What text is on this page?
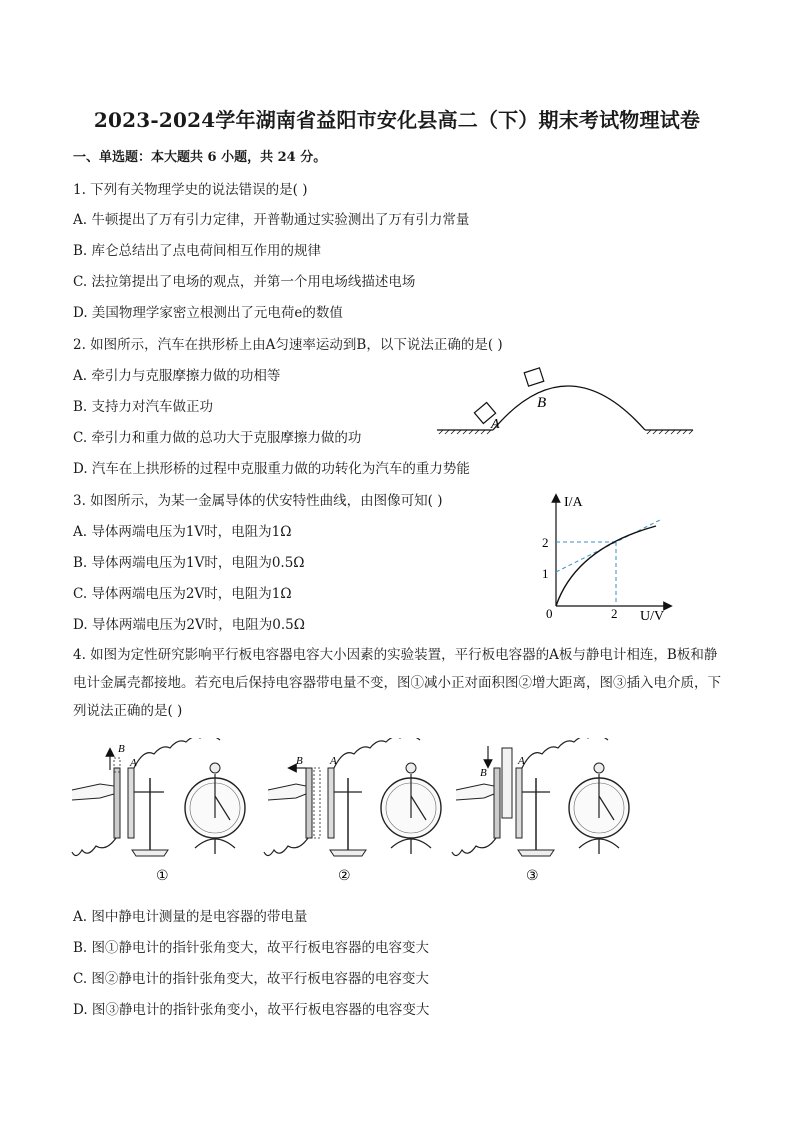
2023-2024学年湖南省益阳市安化县高二（下）期末考试物理试卷
一、单选题：本大题共 6 小题，共 24 分。
1. 下列有关物理学史的说法错误的是( )
A. 牛顿提出了万有引力定律，开普勒通过实验测出了万有引力常量
B. 库仑总结出了点电荷间相互作用的规律
C. 法拉第提出了电场的观点，并第一个用电场线描述电场
D. 美国物理学家密立根测出了元电荷e的数值
2. 如图所示，汽车在拱形桥上由A匀速率运动到B，以下说法正确的是( )
A. 牵引力与克服摩擦力做的功相等
B. 支持力对汽车做正功
C. 牵引力和重力做的总功大于克服摩擦力做的功
D. 汽车在上拱形桥的过程中克服重力做的功转化为汽车的重力势能
A
B
3. 如图所示，为某一金属导体的伏安特性曲线，由图像可知( )
A. 导体两端电压为1V时，电阻为1Ω
B. 导体两端电压为1V时，电阻为0.5Ω
C. 导体两端电压为2V时，电阻为1Ω
D. 导体两端电压为2V时，电阻为0.5Ω
I/A
U/V
0
2
1
2
4. 如图为定性研究影响平行板电容器电容大小因素的实验装置，平行板电容器的A板与静电计相连，B板和静电计金属壳都接地。若充电后保持电容器带电量不变，图①减小正对面积图②增大距离，图③插入电介质，下列说法正确的是( )
B
A	B A
B
A
①	②	③
A. 图中静电计测量的是电容器的带电量
B. 图①静电计的指针张角变大，故平行板电容器的电容变大
C. 图②静电计的指针张角变大，故平行板电容器的电容变大
D. 图③静电计的指针张角变小，故平行板电容器的电容变大
